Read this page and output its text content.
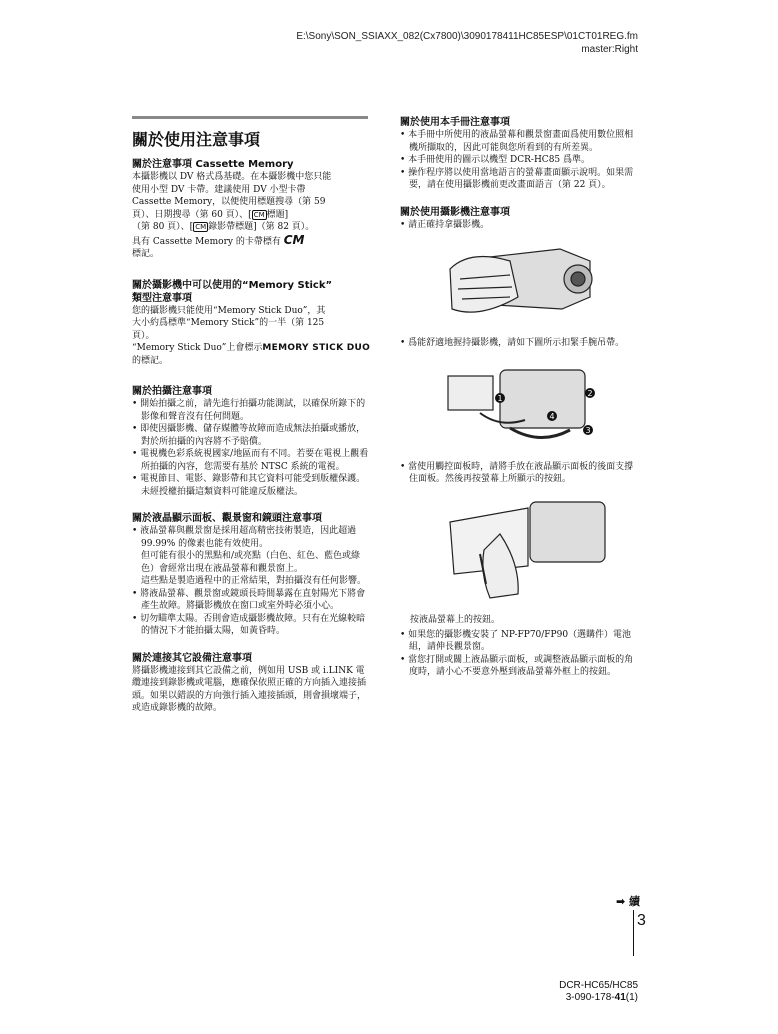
E:\Sony\SON_SSIAXX_082(Cx7800)\3090178411HC85ESP\01CT01REG.fm
master:Right
關於使用注意事項
關於注意事項 Cassette Memory

本攝影機以 DV 格式爲基礎。在本攝影機中您只能

使用小型 DV 卡帶。建議使用 DV 小型卡帶

Cassette Memory，以便使用標題搜尋（第 59

頁）、日期搜尋（第 60 頁）、[ CM 標題]

（第 80 頁）、[ CM 錄影帶標題]（第 82 頁）。

具有 Cassette Memory 的卡帶標有 CM

標記。

關於攝影機中可以使用的“Memory Stick”
類型注意事項

您的攝影機只能使用“Memory Stick Duo”，其

大小約爲標準“Memory Stick”的一半（第 125

頁）。

“Memory Stick Duo”上會標示MEMORY STICK DUO

的標記。

關於拍攝注意事項
• 開始拍攝之前，請先進行拍攝功能測試，以確保所錄下的影像和聲音沒有任何問題。
• 即使因攝影機、儲存媒體等故障而造成無法拍攝或播放，對於所拍攝的內容將不予賠償。
• 電視機色彩系統視國家/地區而有不同。若要在電視上觀看所拍攝的內容，您需要有基於 NTSC 系統的電視。
• 電視節目、電影、錄影帶和其它資料可能受到版權保護。未經授權拍攝這類資料可能違反版權法。
關於液晶顯示面板、觀景窗和鏡頭注意事項
• 液晶螢幕與觀景窗是採用超高精密技術製造，因此超過 99.99% 的像素也能有效使用。
但可能有很小的黑點和/或亮點（白色、紅色、藍色或綠色）會經常出現在液晶螢幕和觀景窗上。
這些點是製造過程中的正常結果，對拍攝沒有任何影響。
• 將液晶螢幕、觀景窗或鏡頭長時間暴露在直射陽光下將會產生故障。將攝影機放在窗口或室外時必須小心。
• 切勿瞄準太陽。否則會造成攝影機故障。只有在光線較暗的情況下才能拍攝太陽，如黃昏時。
關於連接其它設備注意事項

將攝影機連接到其它設備之前，例如用 USB 或 i.LINK 電纜連接到錄影機或電腦，應確保依照正確的方向插入連接插頭。如果以錯誤的方向強行插入連接插頭，則會損壞端子，或造成錄影機的故障。

關於使用本手冊注意事項
• 本手冊中所使用的液晶螢幕和觀景窗畫面爲使用數位照相機所擷取的，因此可能與您所看到的有所差異。
• 本手冊使用的圖示以機型 DCR-HC85 爲準。
• 操作程序將以使用當地語言的螢幕畫面顯示說明。如果需要，請在使用攝影機前更改畫面語言（第 22 頁）。
關於使用攝影機注意事項
• 請正確持拿攝影機。
• 爲能舒適地握持攝影機，請如下圖所示扣緊手腕吊帶。
1
2
3
4
• 當使用觸控面板時，請將手放在液晶顯示面板的後面支撐住面板。然後再按螢幕上所顯示的按鈕。
按液晶螢幕上的按鈕。
• 如果您的攝影機安裝了 NP-FP70/FP90（選購件）電池組，請伸長觀景窗。
• 當您打開或關上液晶顯示面板，或調整液晶顯示面板的角度時，請小心不要意外壓到液晶螢幕外框上的按鈕。
➡ 續
3
DCR-HC65/HC85
3-090-178-41(1)
